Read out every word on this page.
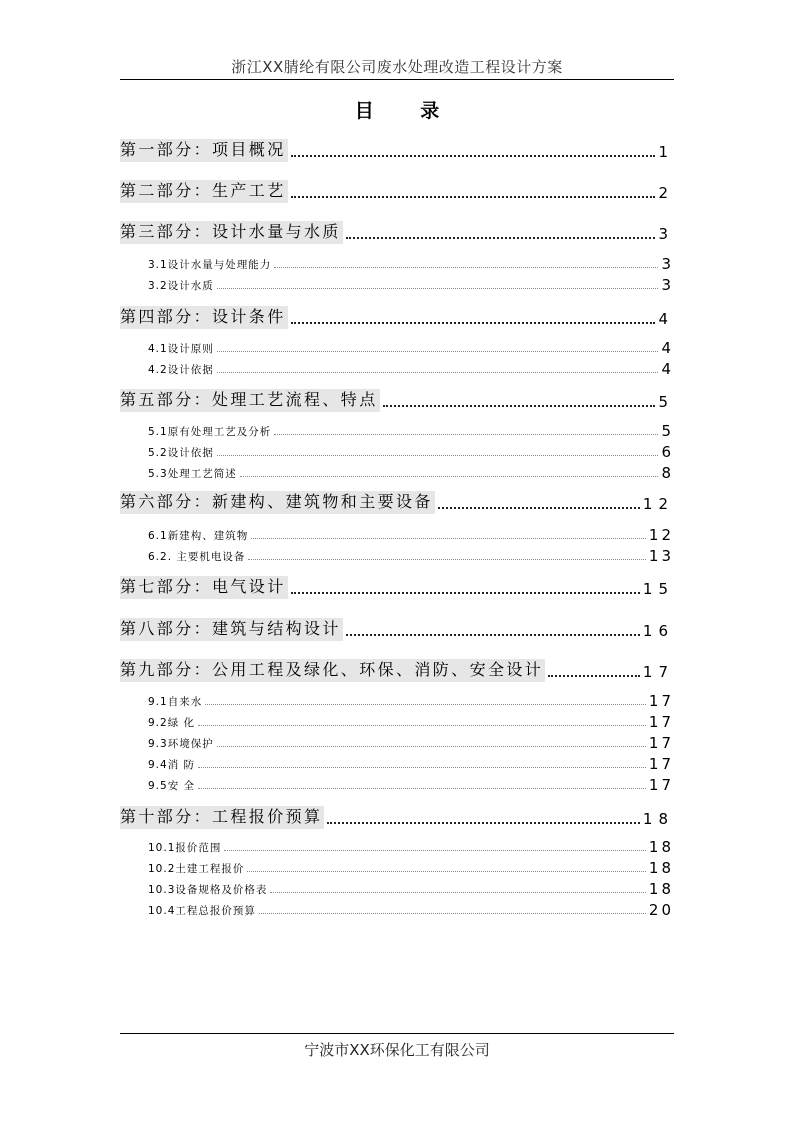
浙江XX腈纶有限公司废水处理改造工程设计方案
目 录
第一部分：项目概况	1
第二部分：生产工艺	2
第三部分：设计水量与水质	3
3.1设计水量与处理能力	3
3.2设计水质	3
第四部分：设计条件	4
4.1设计原则	4
4.2设计依据	4
第五部分：处理工艺流程、特点	5
5.1原有处理工艺及分析	5
5.2设计依据	6
5.3处理工艺简述	8
第六部分：新建构、建筑物和主要设备	12
6.1新建构、建筑物	12
6.2. 主要机电设备	13
第七部分：电气设计	15
第八部分：建筑与结构设计	16
第九部分：公用工程及绿化、环保、消防、安全设计	17
9.1自来水	17
9.2绿 化	17
9.3环境保护	17
9.4消 防	17
9.5安 全	17
第十部分：工程报价预算	18
10.1报价范围	18
10.2土建工程报价	18
10.3设备规格及价格表	18
10.4工程总报价预算	20
宁波市XX环保化工有限公司
